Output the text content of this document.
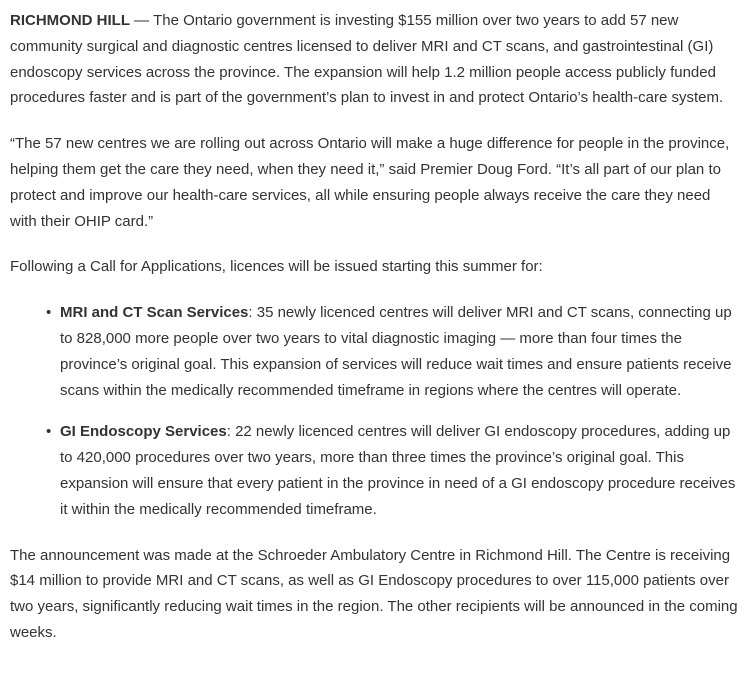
RICHMOND HILL — The Ontario government is investing $155 million over two years to add 57 new community surgical and diagnostic centres licensed to deliver MRI and CT scans, and gastrointestinal (GI) endoscopy services across the province. The expansion will help 1.2 million people access publicly funded procedures faster and is part of the government’s plan to invest in and protect Ontario’s health-care system.

“The 57 new centres we are rolling out across Ontario will make a huge difference for people in the province, helping them get the care they need, when they need it,” said Premier Doug Ford. “It’s all part of our plan to protect and improve our health-care services, all while ensuring people always receive the care they need with their OHIP card.”

Following a Call for Applications, licences will be issued starting this summer for:

• MRI and CT Scan Services: 35 newly licenced centres will deliver MRI and CT scans, connecting up to 828,000 more people over two years to vital diagnostic imaging — more than four times the province’s original goal. This expansion of services will reduce wait times and ensure patients receive scans within the medically recommended timeframe in regions where the centres will operate.
• GI Endoscopy Services: 22 newly licenced centres will deliver GI endoscopy procedures, adding up to 420,000 procedures over two years, more than three times the province’s original goal. This expansion will ensure that every patient in the province in need of a GI endoscopy procedure receives it within the medically recommended timeframe.

The announcement was made at the Schroeder Ambulatory Centre in Richmond Hill. The Centre is receiving $14 million to provide MRI and CT scans, as well as GI Endoscopy procedures to over 115,000 patients over two years, significantly reducing wait times in the region. The other recipients will be announced in the coming weeks.
